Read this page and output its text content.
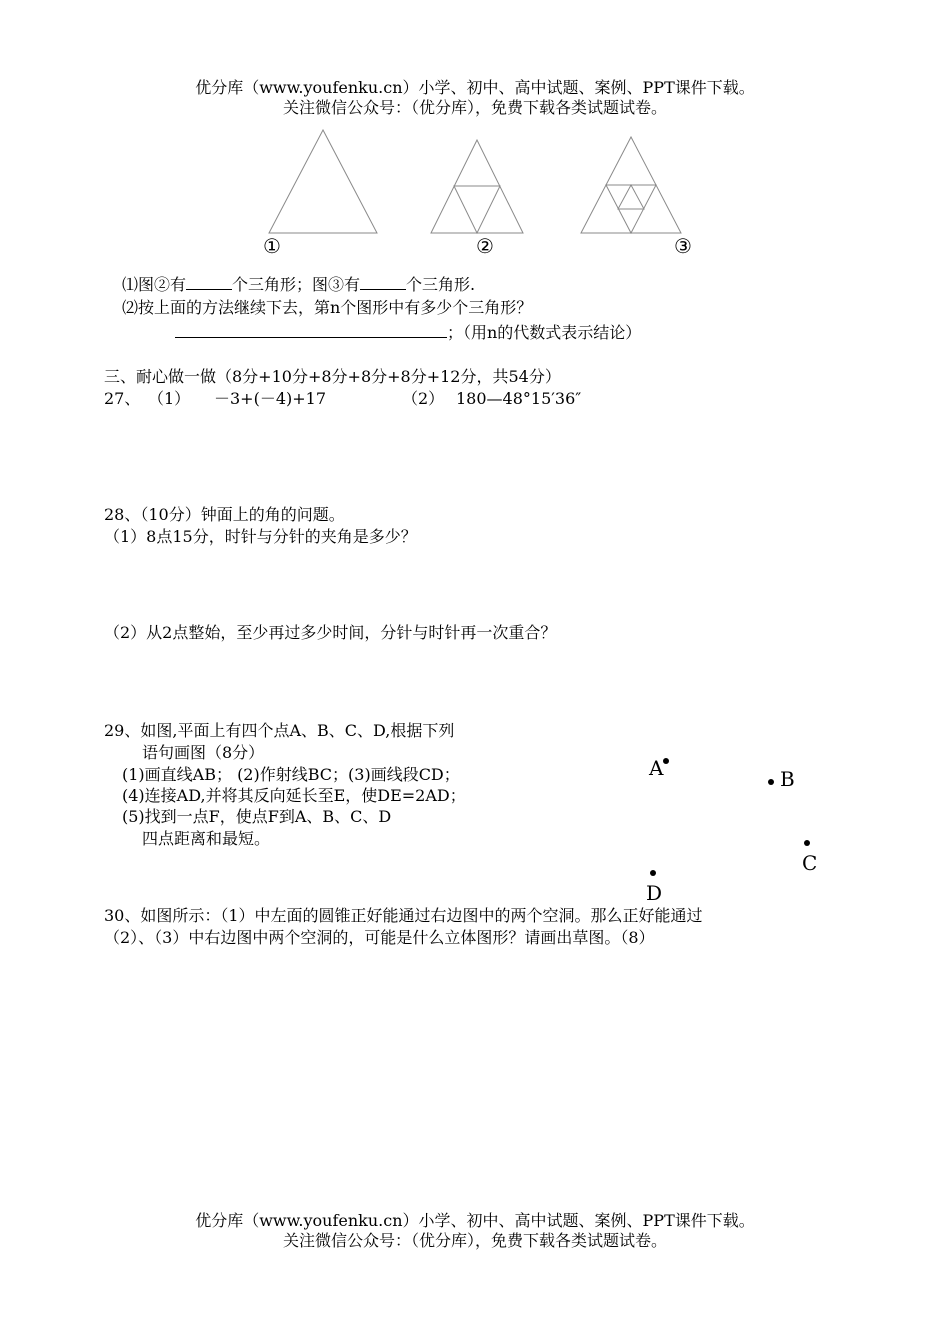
优分库（www.youfenku.cn）小学、初中、高中试题、案例、PPT课件下载。
关注微信公众号：（优分库），免费下载各类试题试卷。
①	②	③
⑴图②有	个三角形；图③有	个三角形.
⑵按上面的方法继续下去，第n个图形中有多少个三角形？
；（用n的代数式表示结论）
三、耐心做一做（8分+10分+8分+8分+8分+12分，共54分）
27、 （1） －3+(－4)+17	（2） 180—48°15′36″
28、（10分）钟面上的角的问题。
（1）8点15分，时针与分针的夹角是多少？
（2）从2点整始，至少再过多少时间，分针与时针再一次重合？
29、如图,平面上有四个点A、B、C、D,根据下列
语句画图（8分）
(1)画直线AB； (2)作射线BC；(3)画线段CD；
(4)连接AD,并将其反向延长至E，使DE=2AD；
(5)找到一点F，使点F到A、B、C、D
四点距离和最短。
A	B
C
D
30、如图所示：（1）中左面的圆锥正好能通过右边图中的两个空洞。那么正好能通过
（2）、（3）中右边图中两个空洞的，可能是什么立体图形？请画出草图。（8）
优分库（www.youfenku.cn）小学、初中、高中试题、案例、PPT课件下载。
关注微信公众号：（优分库），免费下载各类试题试卷。
